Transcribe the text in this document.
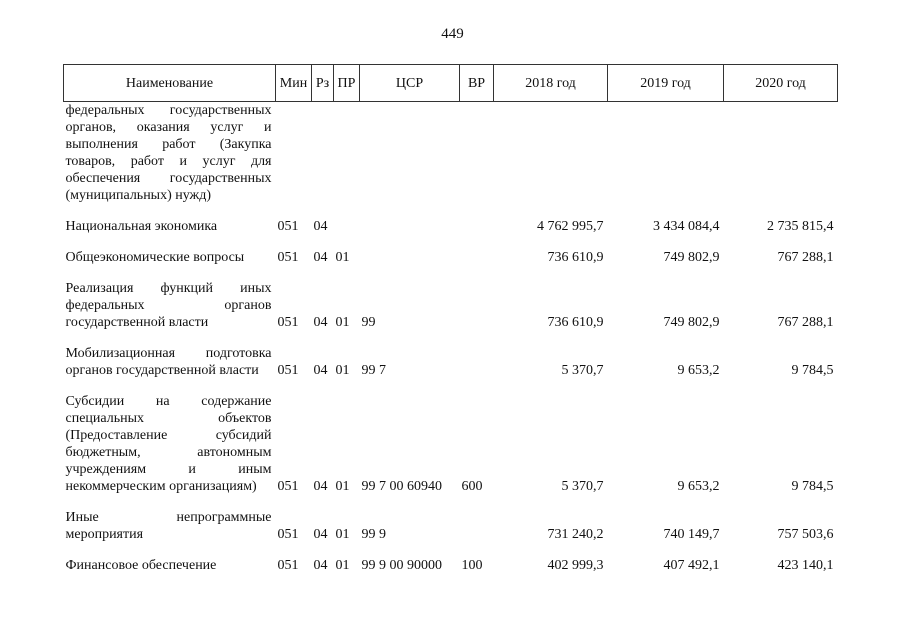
449
Наименование	Мин	Рз	ПР	ЦСР	ВР	2018 год	2019 год	2020 год
федеральных государственных органов, оказания услуг и выполнения работ (Закупка товаров, работ и услуг для обеспечения государственных (муниципальных) нужд)								
Национальная экономика	051	04				4 762 995,7	3 434 084,4	2 735 815,4
Общеэкономические вопросы	051	04	01			736 610,9	749 802,9	767 288,1
Реализация функций иных федеральных органов государственной власти	051	04	01	99		736 610,9	749 802,9	767 288,1
Мобилизационная подготовка органов государственной власти	051	04	01	99 7		5 370,7	9 653,2	9 784,5
Субсидии на содержание специальных объектов (Предоставление субсидий бюджетным, автономным учреждениям и иным некоммерческим организациям)	051	04	01	99 7 00 60940	600	5 370,7	9 653,2	9 784,5
Иные непрограммные мероприятия	051	04	01	99 9		731 240,2	740 149,7	757 503,6
Финансовое обеспечение	051	04	01	99 9 00 90000	100	402 999,3	407 492,1	423 140,1
